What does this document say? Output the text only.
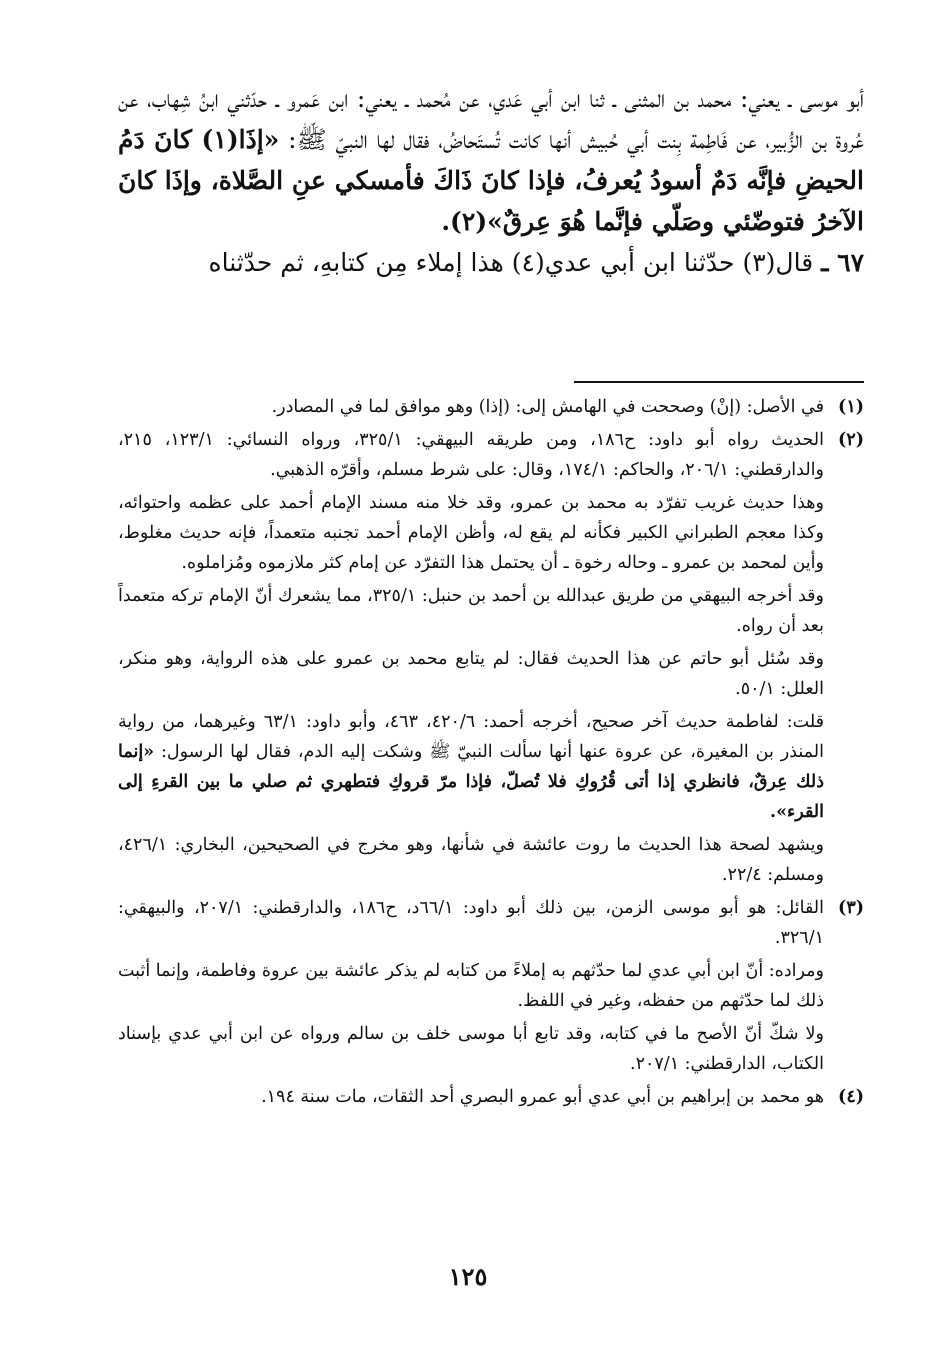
أبو موسى ـ يعني: محمد بن المثنى ـ ثنا ابن أبي عَدي، عن مُحمد ـ يعني: ابن عَمرو ـ حدّثني ابنُ شِهاب، عن عُروة بن الزُّبير، عن فَاطِمة بِنت أبي حُبيش أنها كانت تُستَحاضُ، فقال لها النبيّ ﷺ: «إذَا(١) كانَ دَمُ الحيضِ فإنَّه دَمٌ أسودُ يُعرفُ، فإذا كانَ ذَاكَ فأمسكي عنِ الصَّلاة، وإذَا كانَ الآخرُ فتوضّئي وصَلّي فإنَّما هُوَ عِرقٌ»(٢).

٦٧ ـ قال(٣) حدّثنا ابن أبي عدي(٤) هذا إملاء مِن كتابهِ، ثم حدّثناه

(١)

في الأصل: (إنْ) وصححت في الهامش إلى: (إذا) وهو موافق لما في المصادر.

(٢)

الحديث رواه أبو داود: ح١٨٦، ومن طريقه البيهقي: ٣٢٥/١، ورواه النسائي: ١٢٣/١، ٢١٥، والدارقطني: ٢٠٦/١، والحاكم: ١٧٤/١، وقال: على شرط مسلم، وأقرّه الذهبي.

وهذا حديث غريب تفرّد به محمد بن عمرو، وقد خلا منه مسند الإمام أحمد على عظمه واحتوائه، وكذا معجم الطبراني الكبير فكأنه لم يقع له، وأظن الإمام أحمد تجنبه متعمداً، فإنه حديث مغلوط، وأين لمحمد بن عمرو ـ وحاله رخوة ـ أن يحتمل هذا التفرّد عن إمام كثر ملازموه ومُزاملوه.

وقد أخرجه البيهقي من طريق عبدالله بن أحمد بن حنبل: ٣٢٥/١، مما يشعرك أنّ الإمام تركه متعمداً بعد أن رواه.

وقد سُئل أبو حاتم عن هذا الحديث فقال: لم يتابع محمد بن عمرو على هذه الرواية، وهو منكر، العلل: ٥٠/١.

قلت: لفاطمة حديث آخر صحيح، أخرجه أحمد: ٤٢٠/٦، ٤٦٣، وأبو داود: ٦٣/١ وغيرهما، من رواية المنذر بن المغيرة، عن عروة عنها أنها سألت النبيّ ﷺ وشكت إليه الدم، فقال لها الرسول: «إنما ذلك عِرقٌ، فانظري إذا أتى قُرُوكِ فلا تُصلّ، فإذا مرّ قروكِ فتطهري ثم صلي ما بين القرءِ إلى القرء».

ويشهد لصحة هذا الحديث ما روت عائشة في شأنها، وهو مخرج في الصحيحين، البخاري: ٤٢٦/١، ومسلم: ٢٢/٤.

(٣)

القائل: هو أبو موسى الزمن، بين ذلك أبو داود: ٦٦/١د، ح١٨٦، والدارقطني: ٢٠٧/١، والبيهقي: ٣٢٦/١.

ومراده: أنّ ابن أبي عدي لما حدّثهم به إملاءً من كتابه لم يذكر عائشة بين عروة وفاطمة، وإنما أثبت ذلك لما حدّثهم من حفظه، وغير في اللفظ.

ولا شكّ أنّ الأصح ما في كتابه، وقد تابع أبا موسى خلف بن سالم ورواه عن ابن أبي عدي بإسناد الكتاب، الدارقطني: ٢٠٧/١.

(٤)

هو محمد بن إبراهيم بن أبي عدي أبو عمرو البصري أحد الثقات، مات سنة ١٩٤.

١٢٥
